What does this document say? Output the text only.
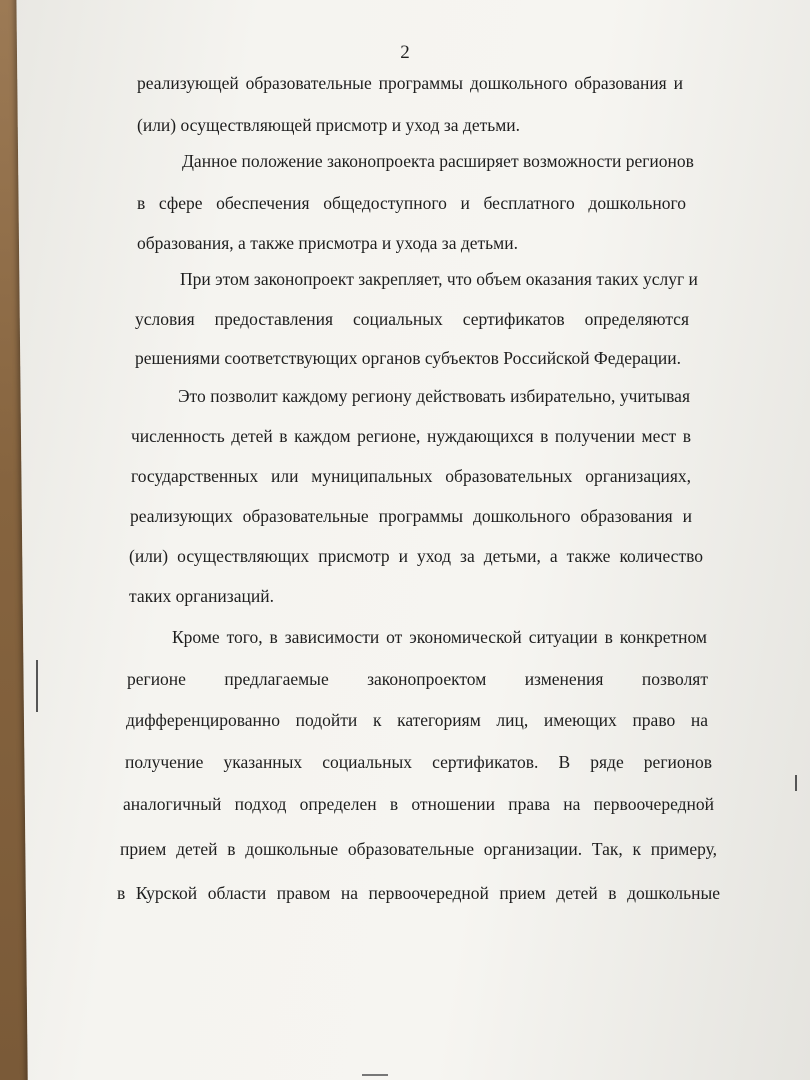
2
реализующей образовательные программы дошкольного образования и
(или) осуществляющей присмотр и уход за детьми.
Данное положение законопроекта расширяет возможности регионов
в сфере обеспечения общедоступного и бесплатного дошкольного
образования, а также присмотра и ухода за детьми.
При этом законопроект закрепляет, что объем оказания таких услуг и
условия предоставления социальных сертификатов определяются
решениями соответствующих органов субъектов Российской Федерации.
Это позволит каждому региону действовать избирательно, учитывая
численность детей в каждом регионе, нуждающихся в получении мест в
государственных или муниципальных образовательных организациях,
реализующих образовательные программы дошкольного образования и
(или) осуществляющих присмотр и уход за детьми, а также количество
таких организаций.
Кроме того, в зависимости от экономической ситуации в конкретном
регионе предлагаемые законопроектом изменения позволят
дифференцированно подойти к категориям лиц, имеющих право на
получение указанных социальных сертификатов. В ряде регионов
аналогичный подход определен в отношении права на первоочередной
прием детей в дошкольные образовательные организации. Так, к примеру,
в Курской области правом на первоочередной прием детей в дошкольные
